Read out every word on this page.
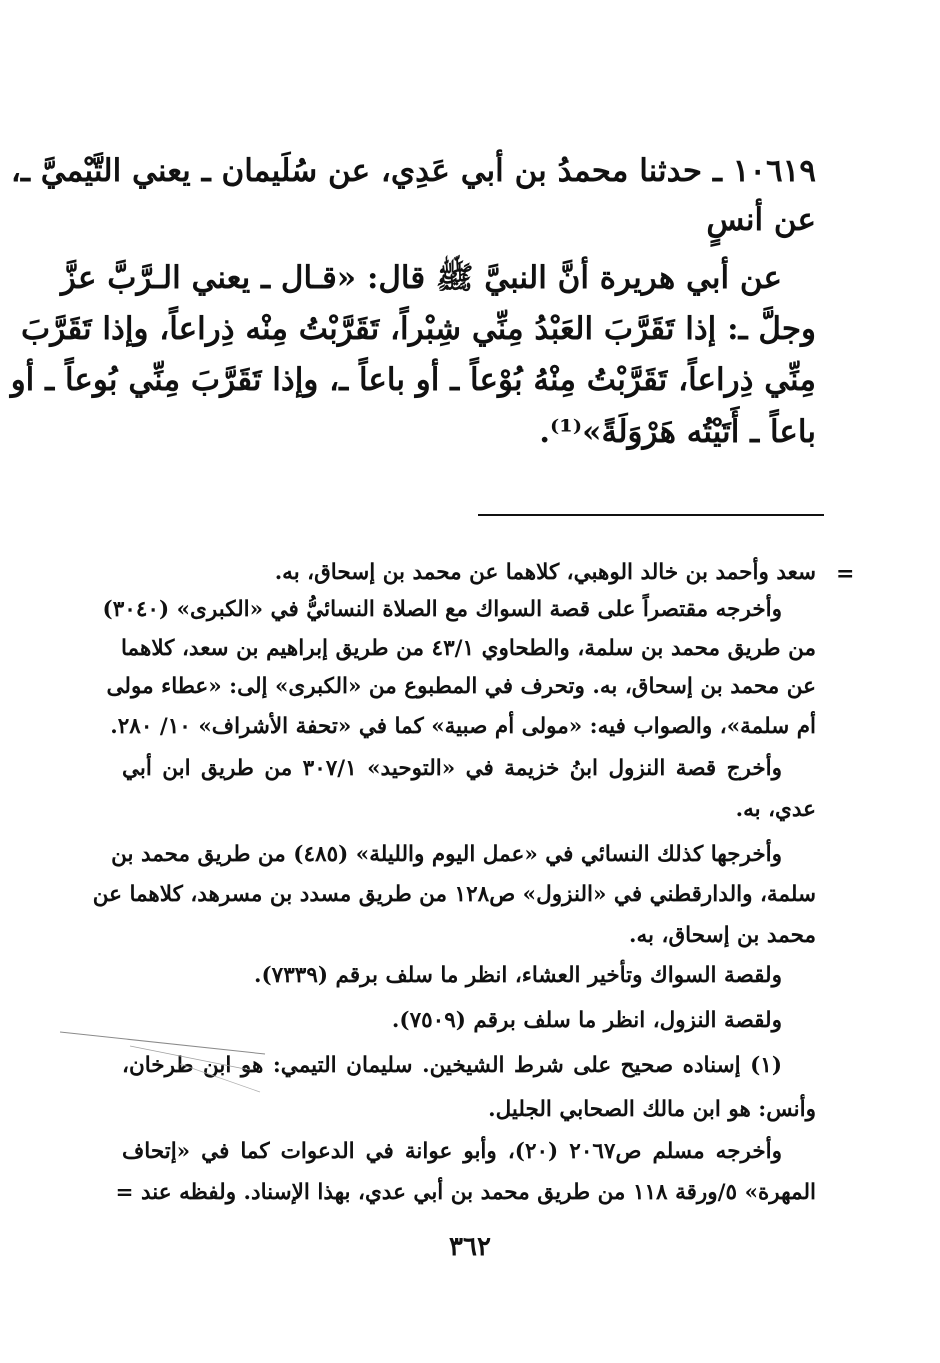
١٠٦١٩ ـ حدثنا محمدُ بن أبي عَدِي، عن سُلَيمان ـ يعني التَّيْميَّ ـ،

عن أنسٍ

عن أبي هريرة أنَّ النبيَّ ﷺ قال: «قـال ـ يعني الـرَّبَّ عزَّ

وجلَّ ـ: إذا تَقَرَّبَ العَبْدُ مِنِّي شِبْراً، تَقَرَّبْتُ مِنْه ذِراعاً، وإذا تَقَرَّبَ

مِنِّي ذِراعاً، تَقَرَّبْتُ مِنْهُ بُوْعاً ـ أو باعاً ـ، وإذا تَقَرَّبَ مِنِّي بُوعاً ـ أو

باعاً ـ أَتَيْتُه هَرْوَلَةً»⁽¹⁾.

=

سعد وأحمد بن خالد الوهبي، كلاهما عن محمد بن إسحاق، به.

وأخرجه مقتصراً على قصة السواك مع الصلاة النسائيُّ في «الكبرى» (٣٠٤٠)

من طريق محمد بن سلمة، والطحاوي ٤٣/١ من طريق إبراهيم بن سعد، كلاهما

عن محمد بن إسحاق، به. وتحرف في المطبوع من «الكبرى» إلى: «عطاء مولى

أم سلمة»، والصواب فيه: «مولى أم صبية» كما في «تحفة الأشراف» ١٠/ ٢٨٠.

وأخرج قصة النزول ابنُ خزيمة في «التوحيد» ٣٠٧/١ من طريق ابن أبي

عدي، به.

وأخرجها كذلك النسائي في «عمل اليوم والليلة» (٤٨٥) من طريق محمد بن

سلمة، والدارقطني في «النزول» ص١٢٨ من طريق مسدد بن مسرهد، كلاهما عن

محمد بن إسحاق، به.

ولقصة السواك وتأخير العشاء، انظر ما سلف برقم (٧٣٣٩).

ولقصة النزول، انظر ما سلف برقم (٧٥٠٩).

(١) إسناده صحيح على شرط الشيخين. سليمان التيمي: هو ابن طرخان،

وأنس: هو ابن مالك الصحابي الجليل.

وأخرجه مسلم ص٢٠٦٧ (٢٠)، وأبو عوانة في الدعوات كما في «إتحاف

المهرة» ٥/ورقة ١١٨ من طريق محمد بن أبي عدي، بهذا الإسناد. ولفظه عند =

٣٦٢
